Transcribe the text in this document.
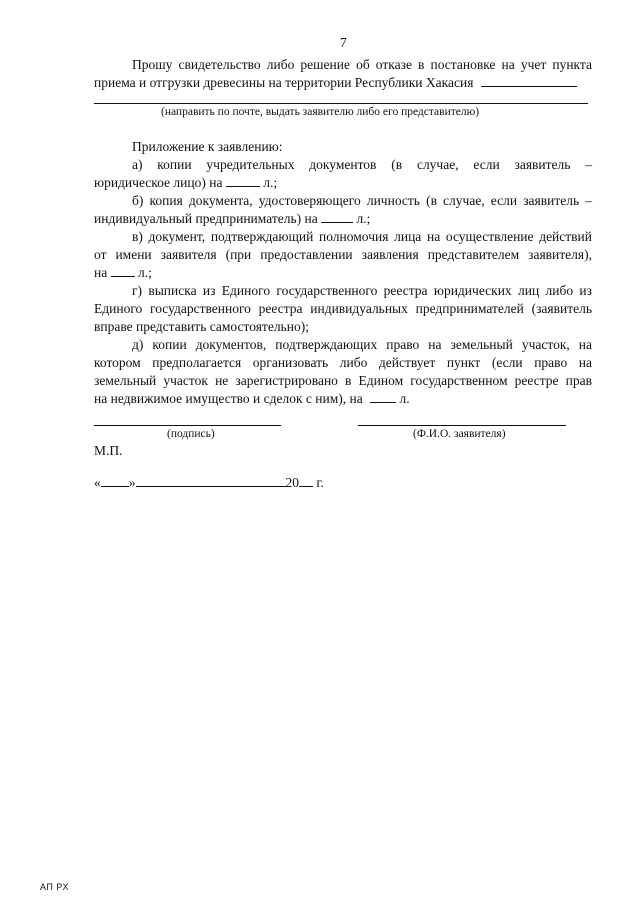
7
Прошу свидетельство либо решение об отказе в постановке на учет пункта
приема и отгрузки древесины на территории Республики Хакасия
(направить по почте, выдать заявителю либо его представителю)
Приложение к заявлению:
а) копии учредительных документов (в случае, если заявитель –
юридическое лицо) на	л.;
б) копия документа, удостоверяющего личность (в случае, если заявитель –
индивидуальный предприниматель) на	л.;
в) документ, подтверждающий полномочия лица на осуществление действий
от имени заявителя (при предоставлении заявления представителем заявителя),
на л.;
г) выписка из Единого государственного реестра юридических лиц либо из
Единого государственного реестра индивидуальных предпринимателей (заявитель
вправе представить самостоятельно);
д) копии документов, подтверждающих право на земельный участок, на
котором предполагается организовать либо действует пункт (если право на
земельный участок не зарегистрировано в Едином государственном реестре прав
на недвижимое имущество и сделок с ним), на	л.
(подпись)	(Ф.И.О. заявителя)
М.П.
« »	20 г.
АП РХ
